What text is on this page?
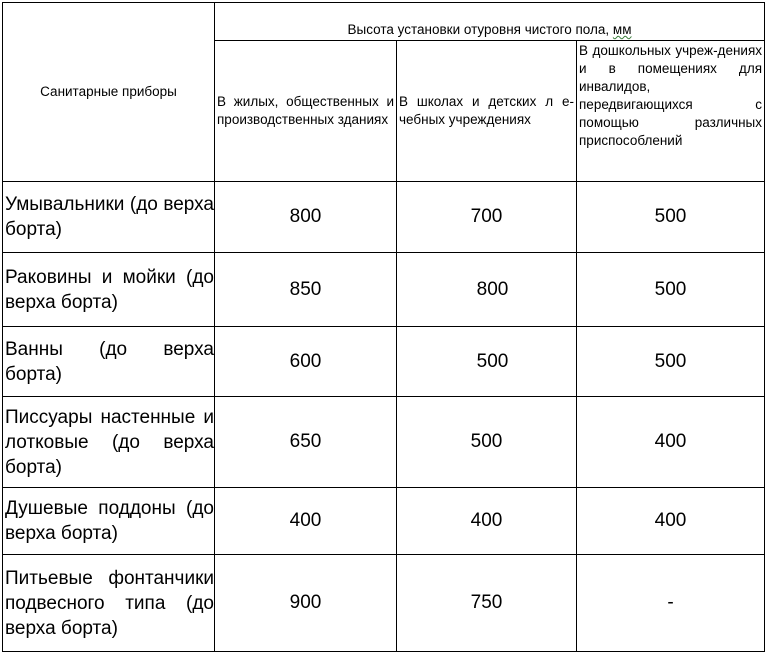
Санитарные приборы	Высота установки отуровня чистого пола, мм		
	В жилых, общественных и производственных зданиях	В школах и детских л е-чебных учреждениях	В дошкольных учреж-дениях и в помещениях для инвалидов, передвигающихся с помощью различных приспособлений
Умывальники (до верха борта)	800	700	500
Раковины и мойки (до верха борта)	850	800	500
Ванны (до верха борта)	600	500	500
Писсуары настенные и лотковые (до верха борта)	650	500	400
Душевые поддоны (до верха борта)	400	400	400
Питьевые фонтанчики подвесного типа (до верха борта)	900	750	-
